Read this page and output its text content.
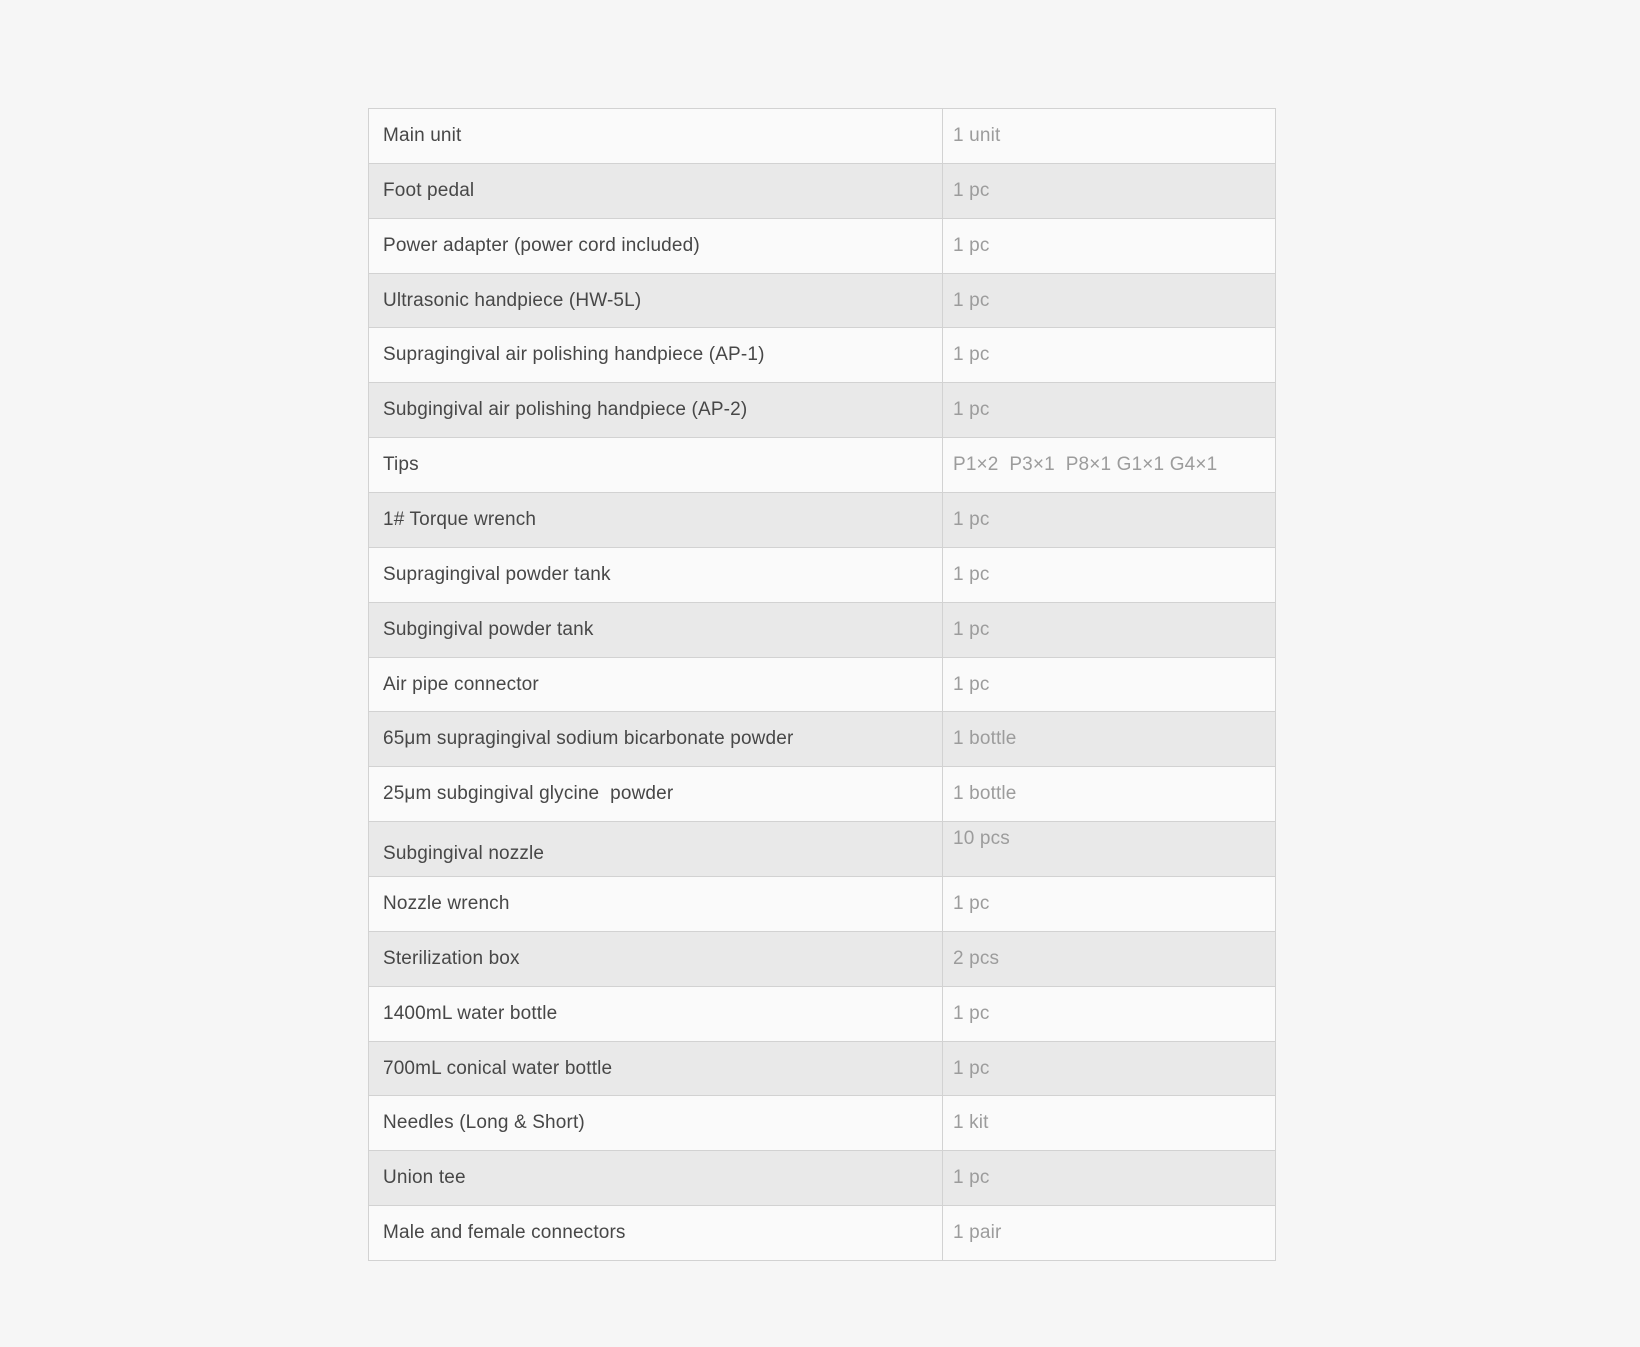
Main unit	1 unit
Foot pedal	1 pc
Power adapter (power cord included)	1 pc
Ultrasonic handpiece (HW-5L)	1 pc
Supragingival air polishing handpiece (AP-1)	1 pc
Subgingival air polishing handpiece (AP-2)	1 pc
Tips	P1×2  P3×1  P8×1 G1×1 G4×1
1# Torque wrench	1 pc
Supragingival powder tank	1 pc
Subgingival powder tank	1 pc
Air pipe connector	1 pc
65μm supragingival sodium bicarbonate powder	1 bottle
25μm subgingival glycine  powder	1 bottle
Subgingival nozzle	10 pcs
Nozzle wrench	1 pc
Sterilization box	2 pcs
1400mL water bottle	1 pc
700mL conical water bottle	1 pc
Needles (Long & Short)	1 kit
Union tee	1 pc
Male and female connectors	1 pair
